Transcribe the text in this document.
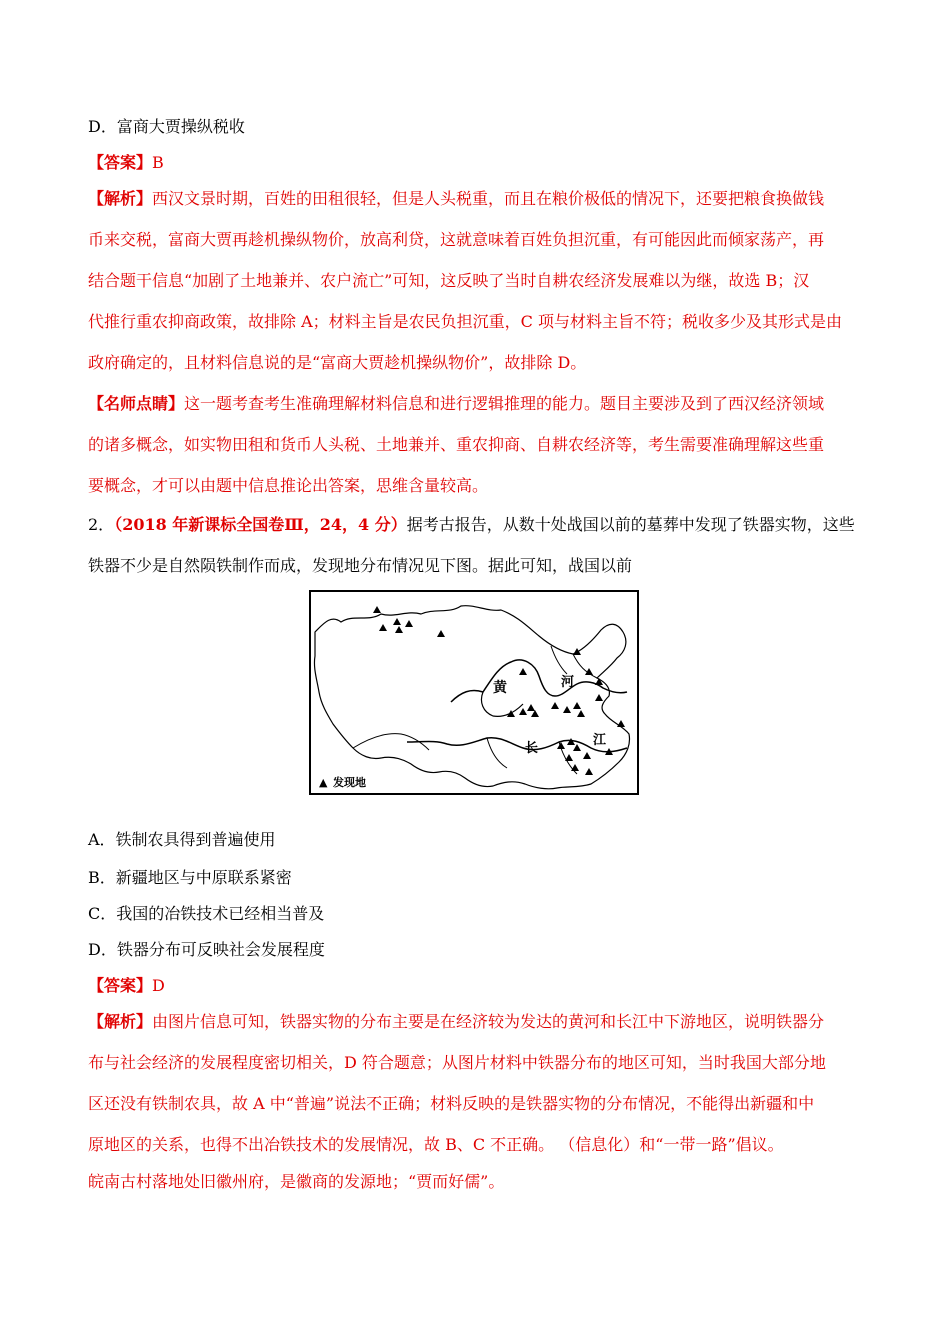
D．富商大贾操纵税收
【答案】B
【解析】西汉文景时期，百姓的田租很轻，但是人头税重，而且在粮价极低的情况下，还要把粮食换做钱
币来交税，富商大贾再趁机操纵物价，放高利贷，这就意味着百姓负担沉重，有可能因此而倾家荡产，再
结合题干信息“加剧了土地兼并、农户流亡”可知，这反映了当时自耕农经济发展难以为继，故选 B；汉
代推行重农抑商政策，故排除 A；材料主旨是农民负担沉重，C 项与材料主旨不符；税收多少及其形式是由
政府确定的，且材料信息说的是“富商大贾趁机操纵物价”，故排除 D。
【名师点睛】这一题考查考生准确理解材料信息和进行逻辑推理的能力。题目主要涉及到了西汉经济领域
的诸多概念，如实物田租和货币人头税、土地兼并、重农抑商、自耕农经济等，考生需要准确理解这些重
要概念，才可以由题中信息推论出答案，思维含量较高。
2．（2018 年新课标全国卷Ⅲ，24，4 分）据考古报告，从数十处战国以前的墓葬中发现了铁器实物，这些
铁器不少是自然陨铁制作而成，发现地分布情况见下图。据此可知，战国以前
黄	河
长
江
▲ 发现地
A．铁制农具得到普遍使用
B．新疆地区与中原联系紧密
C．我国的冶铁技术已经相当普及
D．铁器分布可反映社会发展程度
【答案】D
【解析】由图片信息可知，铁器实物的分布主要是在经济较为发达的黄河和长江中下游地区，说明铁器分
布与社会经济的发展程度密切相关，D 符合题意；从图片材料中铁器分布的地区可知，当时我国大部分地
区还没有铁制农具，故 A 中“普遍”说法不正确；材料反映的是铁器实物的分布情况，不能得出新疆和中
原地区的关系，也得不出冶铁技术的发展情况，故 B、C 不正确。 （信息化）和“一带一路”倡议。
皖南古村落地处旧徽州府，是徽商的发源地；“贾而好儒”。
